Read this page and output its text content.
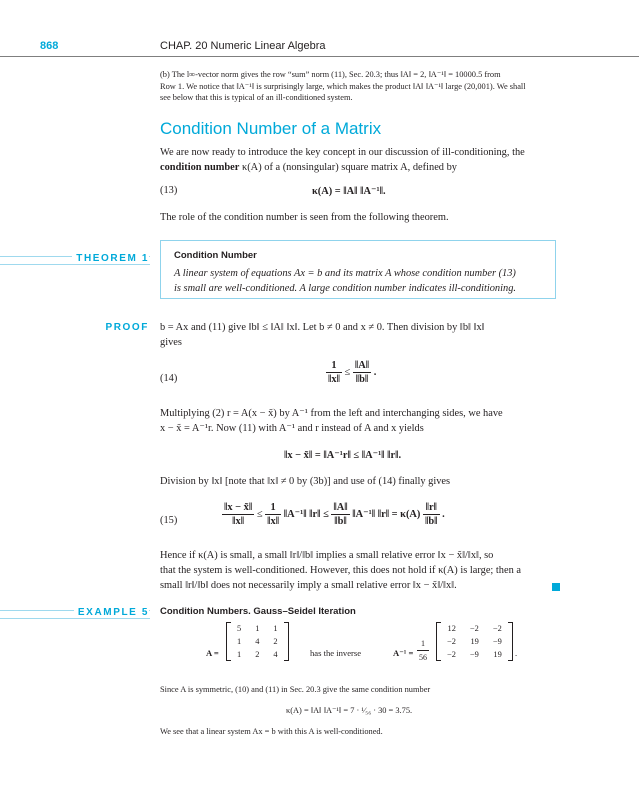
868	CHAP. 20 Numeric Linear Algebra
(b) The l∞-vector norm gives the row “sum” norm (11), Sec. 20.3; thus ‖A‖ = 2, ‖A⁻¹‖ = 10000.5 from
Row 1. We notice that ‖A⁻¹‖ is surprisingly large, which makes the product ‖A‖ ‖A⁻¹‖ large (20,001). We shall
see below that this is typical of an ill-conditioned system.
Condition Number of a Matrix
We are now ready to introduce the key concept in our discussion of ill-conditioning, the
condition number κ(A) of a (nonsingular) square matrix A, defined by
(13)	κ(A) = ‖A‖ ‖A⁻¹‖.
The role of the condition number is seen from the following theorem.
THEOREM 1	Condition Number
A linear system of equations Ax = b and its matrix A whose condition number (13)
is small are well-conditioned. A large condition number indicates ill-conditioning.
PROOF b = Ax and (11) give ‖b‖ ≤ ‖A‖ ‖x‖. Let b ≠ 0 and x ≠ 0. Then division by ‖b‖ ‖x‖
gives
(14)	$\frac{1}{‖x‖} \le \frac{‖A‖}{‖b‖}$ .
Multiplying (2) r = A(x − x̃) by A⁻¹ from the left and interchanging sides, we have
x − x̃ = A⁻¹r. Now (11) with A⁻¹ and r instead of A and x yields
‖x − x̃‖ = ‖A⁻¹r‖ ≤ ‖A⁻¹‖ ‖r‖.
Division by ‖x‖ [note that ‖x‖ ≠ 0 by (3b)] and use of (14) finally gives
(15)	$\frac{‖x - x̃‖}{‖x‖} \le \frac{1}{‖x‖}$ ‖A⁻¹‖ ‖r‖ ≤ $\frac{‖A‖}{‖b‖}$ ‖A⁻¹‖ ‖r‖ = $\kappa(A) \frac{‖r‖}{‖b‖}$ .
Hence if κ(A) is small, a small ‖r‖/‖b‖ implies a small relative error ‖x − x̃‖/‖x‖, so
that the system is well-conditioned. However, this does not hold if κ(A) is large; then a
small ‖r‖/‖b‖ does not necessarily imply a small relative error ‖x − x̃‖/‖x‖.
EXAMPLE 5 Condition Numbers. Gauss–Seidel Iteration
A =
5	1	1
1	4	2
1	2	4	has the inverse	$A^{-1} = \frac{1}{56}$
12	−2	−2
−2	19	−9
−2	−9	19 .
Since A is symmetric, (10) and (11) in Sec. 20.3 give the same condition number
κ(A) = ‖A‖ ‖A⁻¹‖ = 7 · ¹⁄₅₆ · 30 = 3.75.
We see that a linear system Ax = b with this A is well-conditioned.
